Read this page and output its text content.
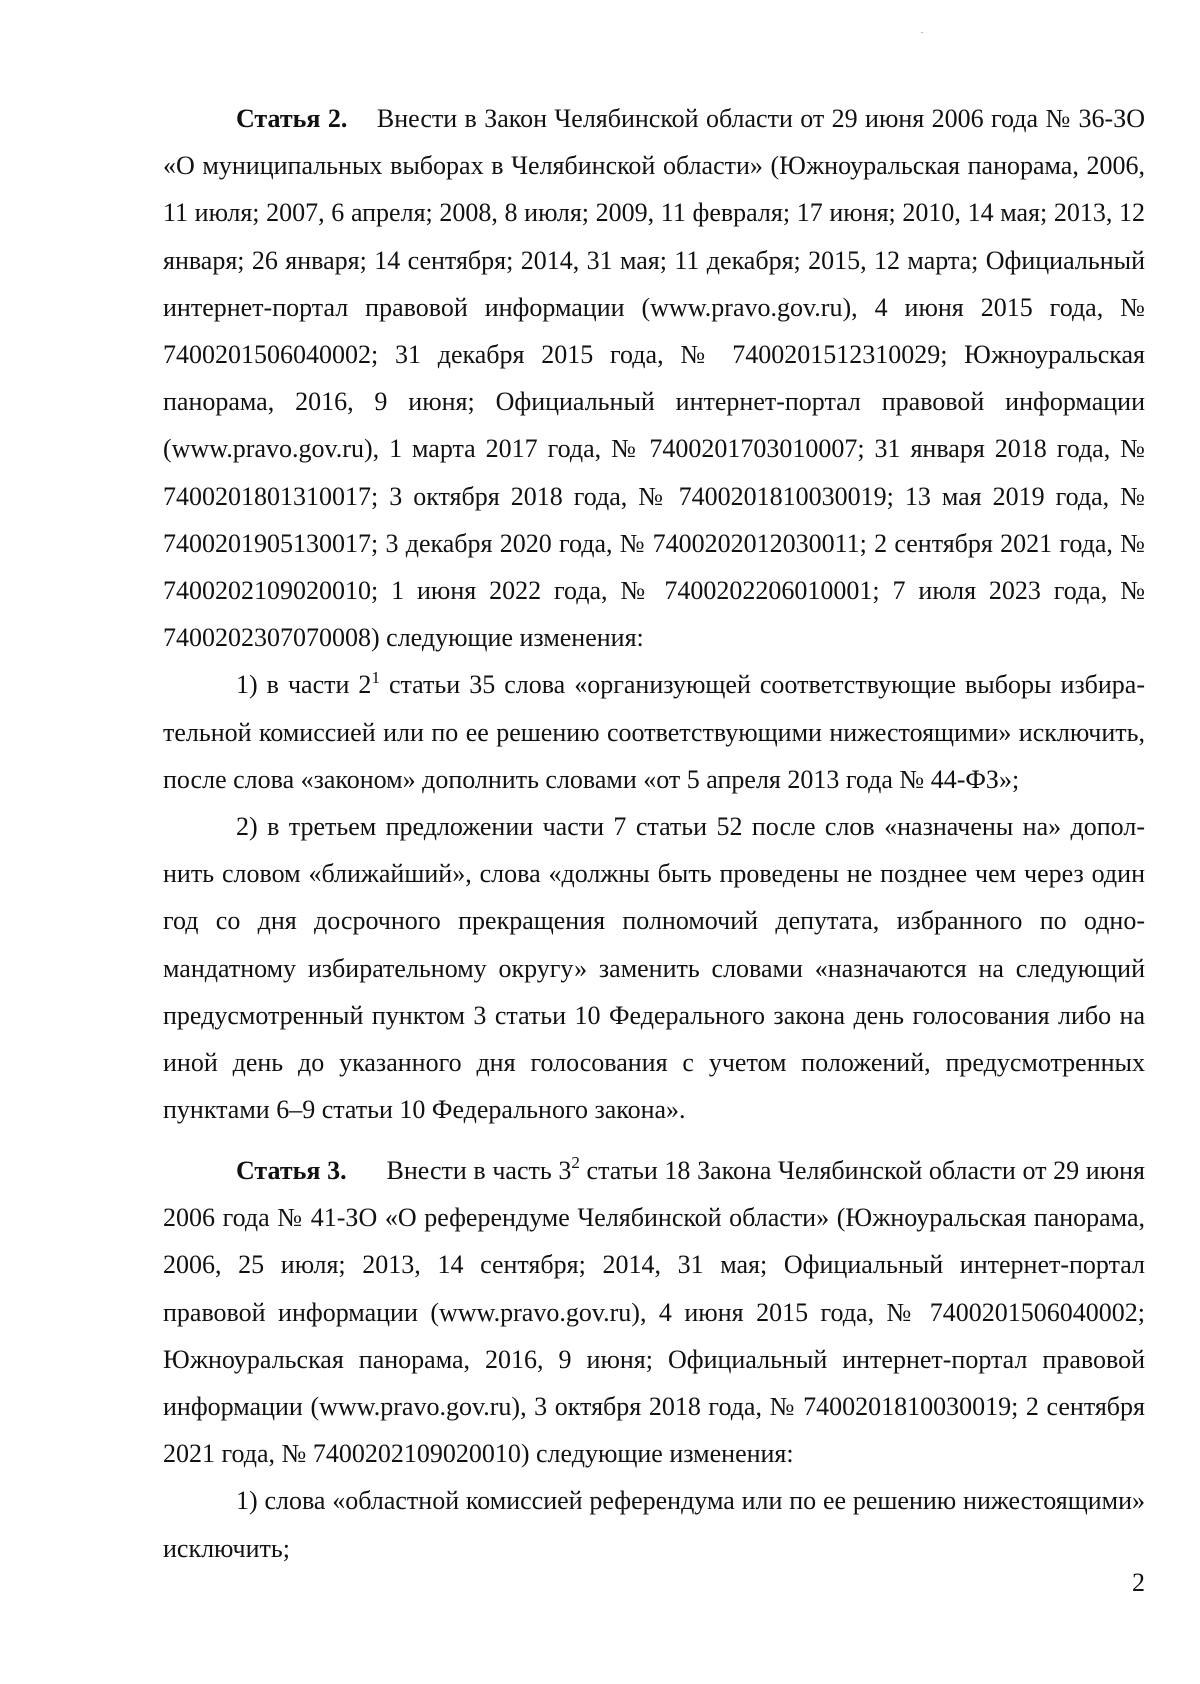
Статья 2. Внести в Закон Челябинской области от 29 июня 2006 года № 36-ЗО «О муниципальных выборах в Челябинской области» (Южноуральская панорама, 2006, 11 июля; 2007, 6 апреля; 2008, 8 июля; 2009, 11 февраля; 17 июня; 2010, 14 мая; 2013, 12 января; 26 января; 14 сентября; 2014, 31 мая; 11 декабря; 2015, 12 марта; Официальный интернет-портал правовой информации (www.pravo.gov.ru), 4 июня 2015 года, № 7400201506040002; 31 декабря 2015 года, № 7400201512310029; Южноуральская панорама, 2016, 9 июня; Официальный интернет-портал правовой информации (www.pravo.gov.ru), 1 марта 2017 года, № 7400201703010007; 31 января 2018 года, № 7400201801310017; 3 октября 2018 года, № 7400201810030019; 13 мая 2019 года, № 7400201905130017; 3 декабря 2020 года, № 7400202012030011; 2 сентября 2021 года, № 7400202109020010; 1 июня 2022 года, № 7400202206010001; 7 июля 2023 года, № 7400202307070008) следующие изменения:

1) в части $2^1$ статьи 35 слова «организующей соответствующие выборы избирательной комиссией или по ее решению соответствующими нижестоящими» исключить, после слова «законом» дополнить словами «от 5 апреля 2013 года № 44-ФЗ»;

2) в третьем предложении части 7 статьи 52 после слов «назначены на» дополнить словом «ближайший», слова «должны быть проведены не позднее чем через один год со дня досрочного прекращения полномочий депутата, избранного по одномандатному избирательному округу» заменить словами «назначаются на следующий предусмотренный пунктом 3 статьи 10 Федерального закона день голосования либо на иной день до указанного дня голосования с учетом положений, предусмотренных пунктами 6–9 статьи 10 Федерального закона».

Статья 3. Внести в часть $3^2$ статьи 18 Закона Челябинской области от 29 июня 2006 года № 41-ЗО «О референдуме Челябинской области» (Южноуральская панорама, 2006, 25 июля; 2013, 14 сентября; 2014, 31 мая; Официальный интернет-портал правовой информации (www.pravo.gov.ru), 4 июня 2015 года, № 7400201506040002; Южноуральская панорама, 2016, 9 июня; Официальный интернет-портал правовой информации (www.pravo.gov.ru), 3 октября 2018 года, № 7400201810030019; 2 сентября 2021 года, № 7400202109020010) следующие изменения:

1) слова «областной комиссией референдума или по ее решению нижестоящими» исключить;

2
